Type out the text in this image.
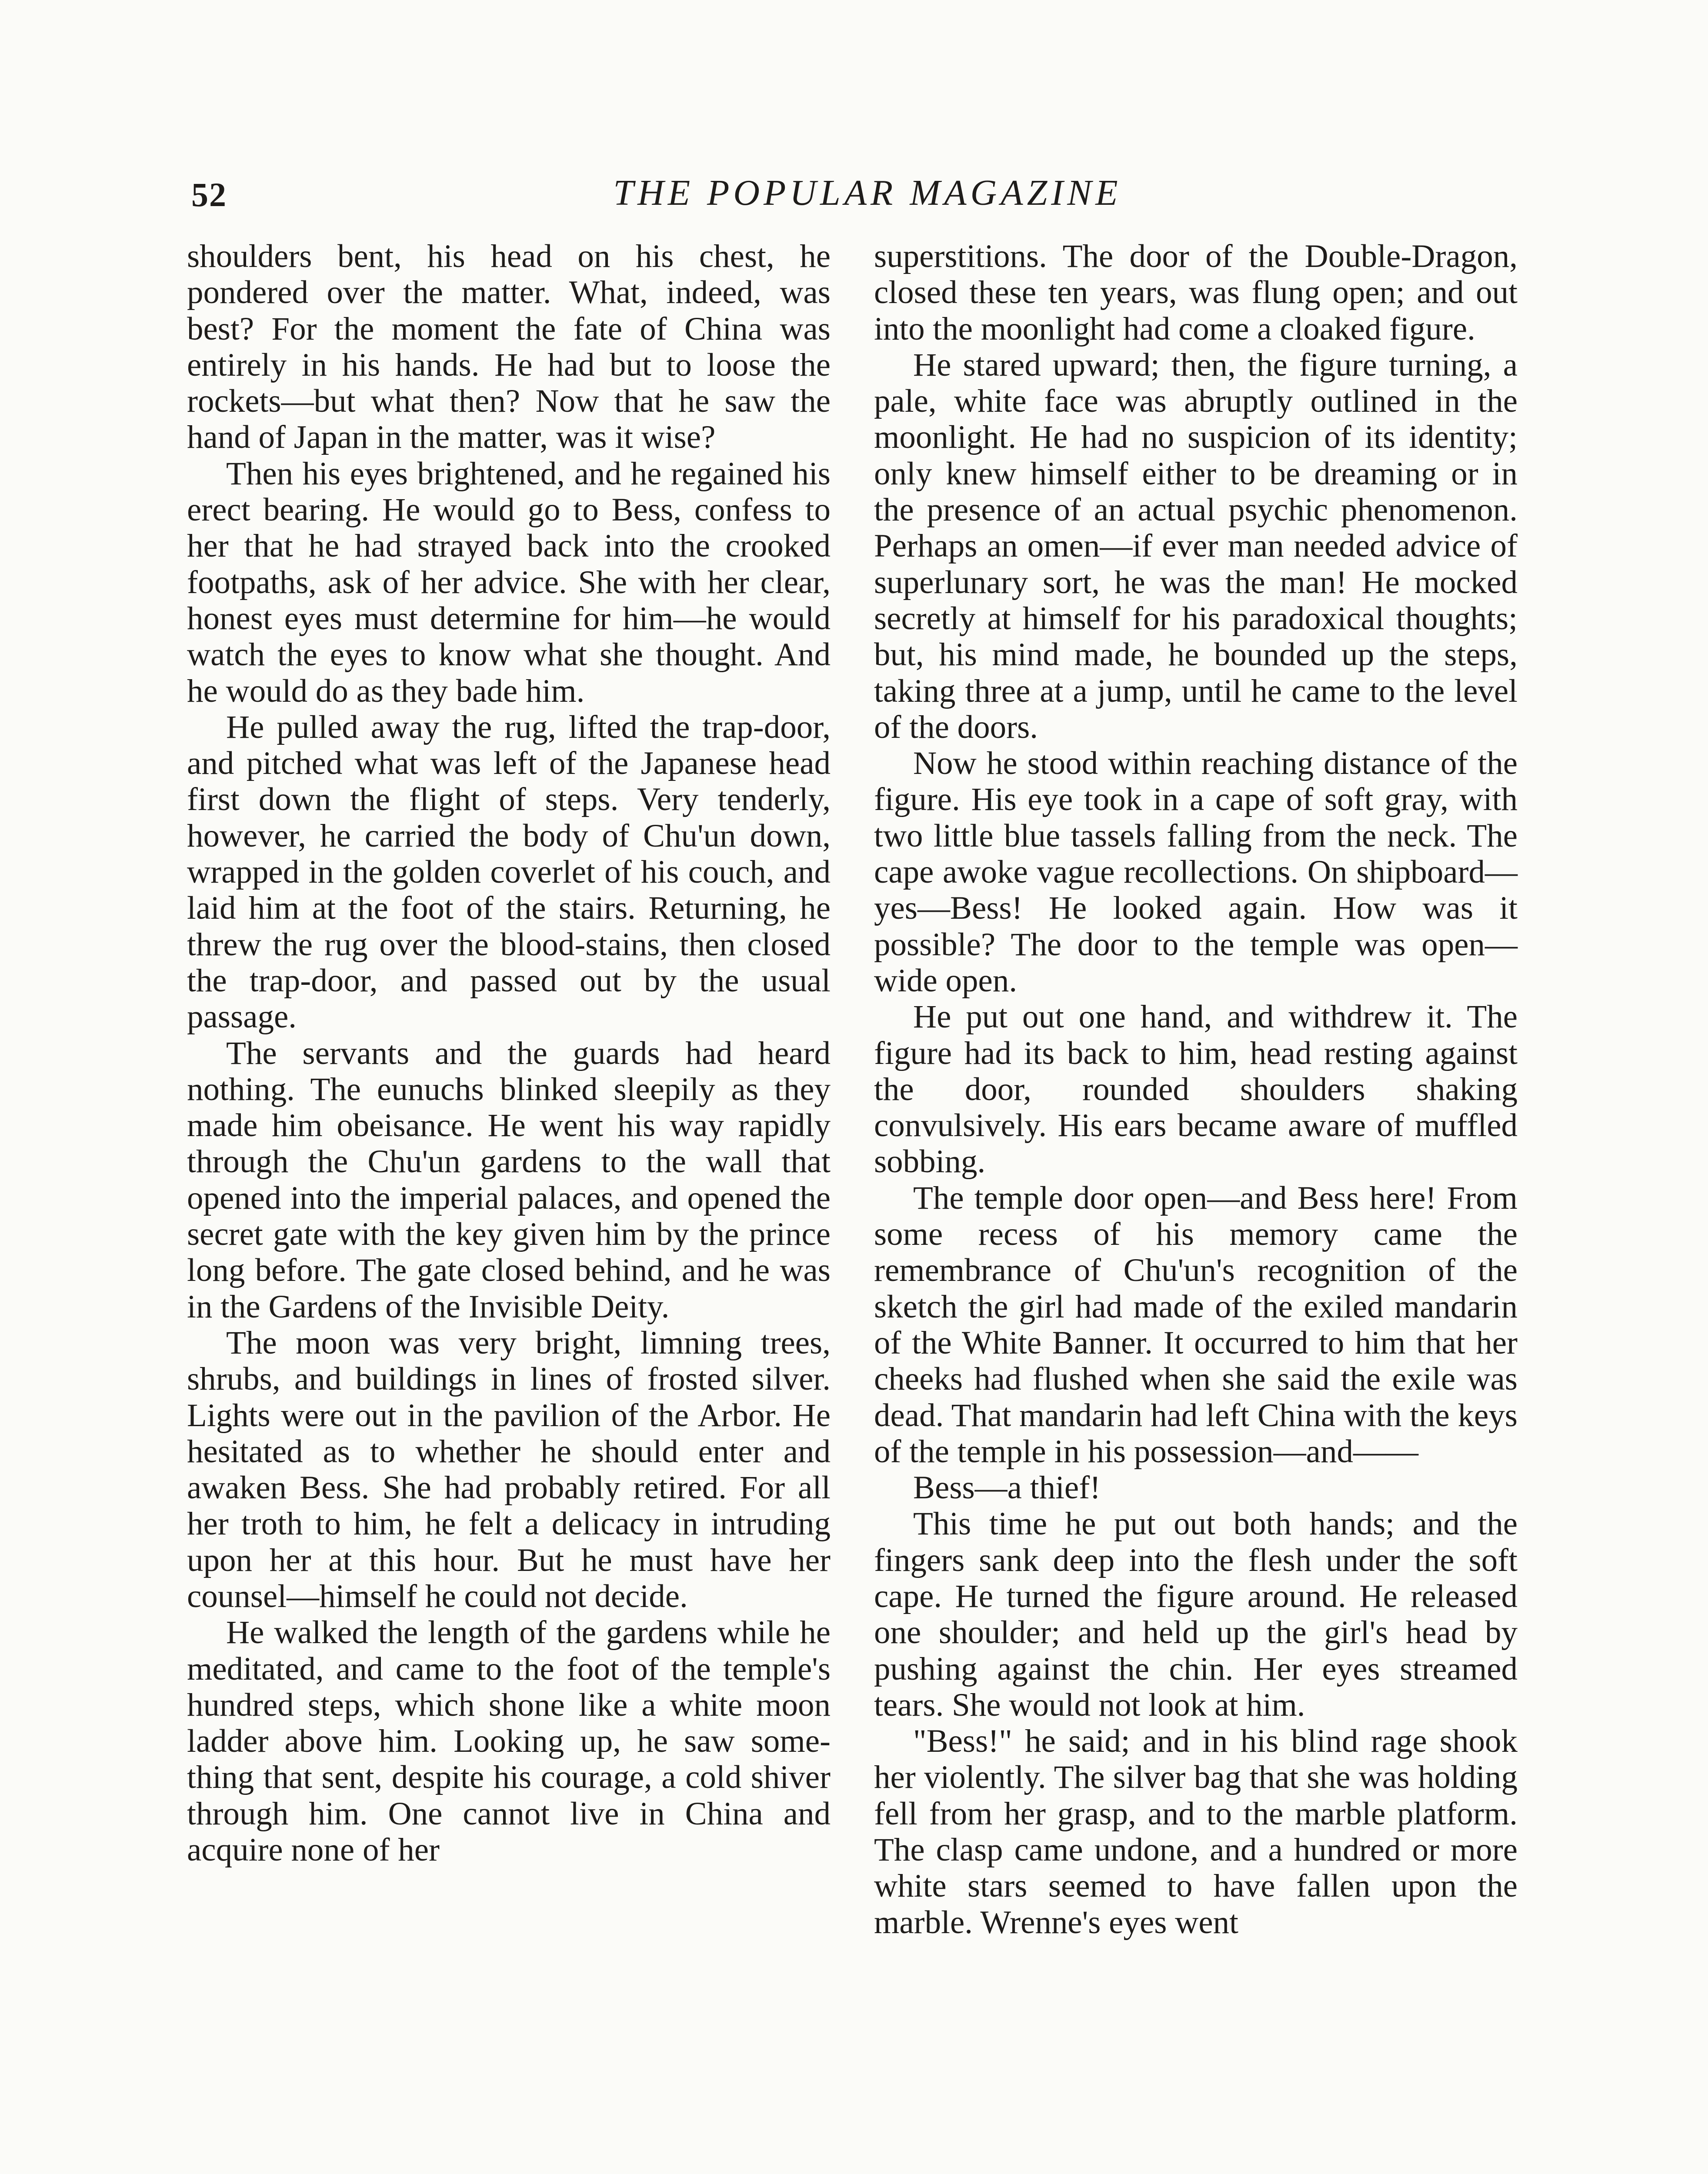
52	THE POPULAR MAGAZINE

shoulders bent, his head on his chest, he pondered over the matter. What, indeed, was best? For the moment the fate of China was entirely in his hands. He had but to loose the rockets—but what then? Now that he saw the hand of Japan in the matter, was it wise?

Then his eyes brightened, and he regained his erect bearing. He would go to Bess, confess to her that he had strayed back into the crooked footpaths, ask of her advice. She with her clear, honest eyes must determine for him—he would watch the eyes to know what she thought. And he would do as they bade him.

He pulled away the rug, lifted the trap-door, and pitched what was left of the Japanese head first down the flight of steps. Very tenderly, however, he carried the body of Chu'un down, wrapped in the golden coverlet of his couch, and laid him at the foot of the stairs. Returning, he threw the rug over the blood-stains, then closed the trap-door, and passed out by the usual passage.

The servants and the guards had heard nothing. The eunuchs blinked sleepily as they made him obeisance. He went his way rapidly through the Chu'un gardens to the wall that opened into the imperial palaces, and opened the secret gate with the key given him by the prince long before. The gate closed behind, and he was in the Gardens of the Invisible Deity.

The moon was very bright, limning trees, shrubs, and buildings in lines of frosted silver. Lights were out in the pavilion of the Arbor. He hesitated as to whether he should enter and awaken Bess. She had probably retired. For all her troth to him, he felt a delicacy in intruding upon her at this hour. But he must have her counsel—himself he could not decide.

He walked the length of the gardens while he meditated, and came to the foot of the temple's hundred steps, which shone like a white moon ladder above him. Looking up, he saw something that sent, despite his courage, a cold shiver through him. One cannot live in China and acquire none of her

superstitions. The door of the Double-Dragon, closed these ten years, was flung open; and out into the moonlight had come a cloaked figure.

He stared upward; then, the figure turning, a pale, white face was abruptly outlined in the moonlight. He had no suspicion of its identity; only knew himself either to be dreaming or in the presence of an actual psychic phenomenon. Perhaps an omen—if ever man needed advice of superlunary sort, he was the man! He mocked secretly at himself for his paradoxical thoughts; but, his mind made, he bounded up the steps, taking three at a jump, until he came to the level of the doors.

Now he stood within reaching distance of the figure. His eye took in a cape of soft gray, with two little blue tassels falling from the neck. The cape awoke vague recollections. On shipboard—yes—Bess! He looked again. How was it possible? The door to the temple was open—wide open.

He put out one hand, and withdrew it. The figure had its back to him, head resting against the door, rounded shoulders shaking convulsively. His ears became aware of muffled sobbing.

The temple door open—and Bess here! From some recess of his memory came the remembrance of Chu'un's recognition of the sketch the girl had made of the exiled mandarin of the White Banner. It occurred to him that her cheeks had flushed when she said the exile was dead. That mandarin had left China with the keys of the temple in his possession—and——

Bess—a thief!

This time he put out both hands; and the fingers sank deep into the flesh under the soft cape. He turned the figure around. He released one shoulder; and held up the girl's head by pushing against the chin. Her eyes streamed tears. She would not look at him.

"Bess!" he said; and in his blind rage shook her violently. The silver bag that she was holding fell from her grasp, and to the marble platform. The clasp came undone, and a hundred or more white stars seemed to have fallen upon the marble. Wrenne's eyes went
